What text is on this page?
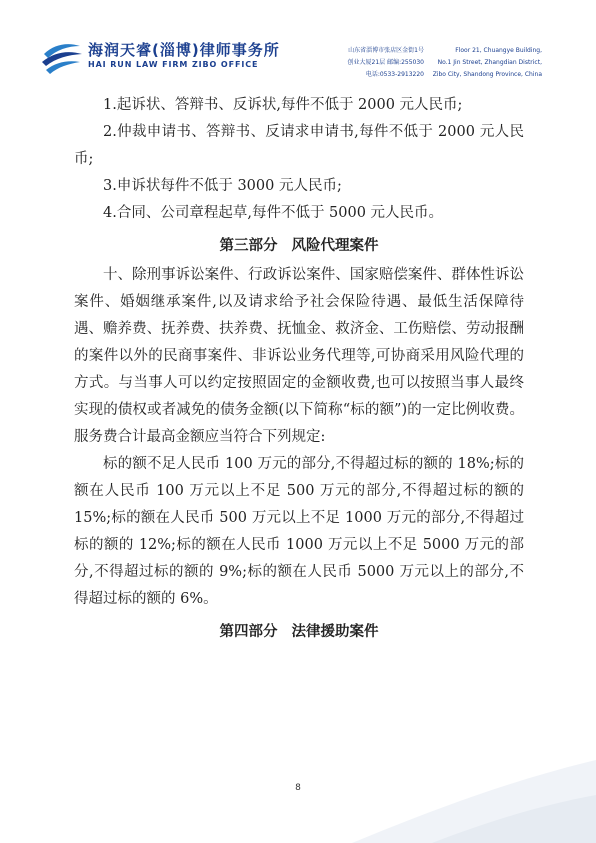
海润天睿(淄博)律师事务所
HAI RUN LAW FIRM ZIBO OFFICE
山东省淄博市张店区金街1号
创业大厦21层 邮编:255030
电话:0533-2913220
Floor 21, Chuangye Building,
No.1 Jin Street, Zhangdian District,
Zibo City, Shandong Province, China

1.起诉状、答辩书、反诉状,每件不低于 2000 元人民币;

2.仲裁申请书、答辩书、反请求申请书,每件不低于 2000 元人民币;

3.申诉状每件不低于 3000 元人民币;

4.合同、公司章程起草,每件不低于 5000 元人民币。

第三部分 风险代理案件

十、除刑事诉讼案件、行政诉讼案件、国家赔偿案件、群体性诉讼案件、婚姻继承案件,以及请求给予社会保险待遇、最低生活保障待遇、赡养费、抚养费、扶养费、抚恤金、救济金、工伤赔偿、劳动报酬的案件以外的民商事案件、非诉讼业务代理等,可协商采用风险代理的方式。与当事人可以约定按照固定的金额收费,也可以按照当事人最终实现的债权或者减免的债务金额(以下简称“标的额”)的一定比例收费。服务费合计最高金额应当符合下列规定:

标的额不足人民币 100 万元的部分,不得超过标的额的 18%;标的额在人民币 100 万元以上不足 500 万元的部分,不得超过标的额的 15%;标的额在人民币 500 万元以上不足 1000 万元的部分,不得超过标的额的 12%;标的额在人民币 1000 万元以上不足 5000 万元的部分,不得超过标的额的 9%;标的额在人民币 5000 万元以上的部分,不得超过标的额的 6%。

第四部分 法律援助案件
8
